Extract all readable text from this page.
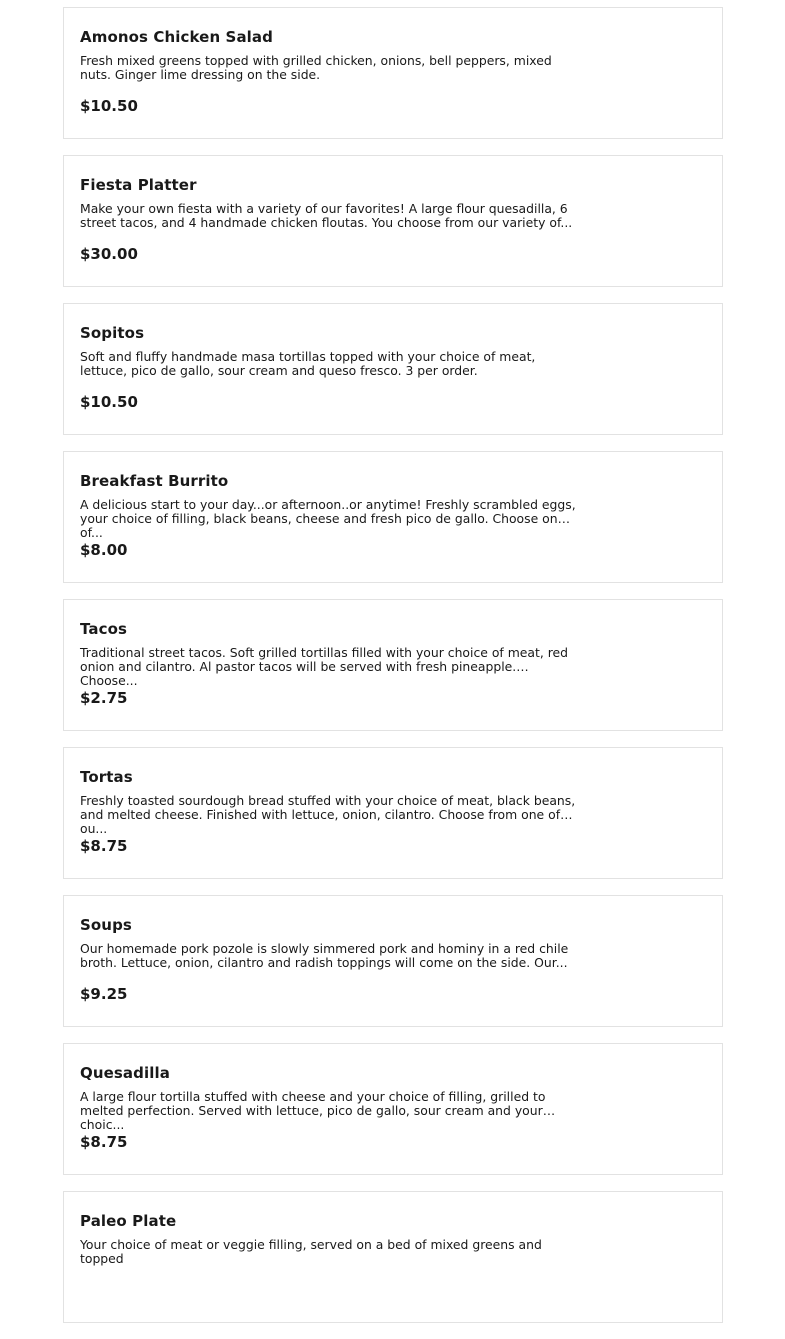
Amonos Chicken Salad
Fresh mixed greens topped with grilled chicken, onions, bell peppers, mixed nuts. Ginger lime dressing on the side.
$10.50
Fiesta Platter
Make your own fiesta with a variety of our favorites! A large flour quesadilla, 6 street tacos, and 4 handmade chicken floutas. You choose from our variety of...
$30.00
Sopitos
Soft and fluffy handmade masa tortillas topped with your choice of meat, lettuce, pico de gallo, sour cream and queso fresco. 3 per order.
$10.50
Breakfast Burrito
A delicious start to your day...or afternoon..or anytime! Freshly scrambled eggs, your choice of filling, black beans, cheese and fresh pico de gallo. Choose one of...
$8.00
Tacos
Traditional street tacos. Soft grilled tortillas filled with your choice of meat, red onion and cilantro. Al pastor tacos will be served with fresh pineapple. Choose...
$2.75
Tortas
Freshly toasted sourdough bread stuffed with your choice of meat, black beans, and melted cheese. Finished with lettuce, onion, cilantro. Choose from one of ou...
$8.75
Soups
Our homemade pork pozole is slowly simmered pork and hominy in a red chile broth. Lettuce, onion, cilantro and radish toppings will come on the side. Our...
$9.25
Quesadilla
A large flour tortilla stuffed with cheese and your choice of filling, grilled to melted perfection. Served with lettuce, pico de gallo, sour cream and your choic...
$8.75
Paleo Plate
Your choice of meat or veggie filling, served on a bed of mixed greens and topped
